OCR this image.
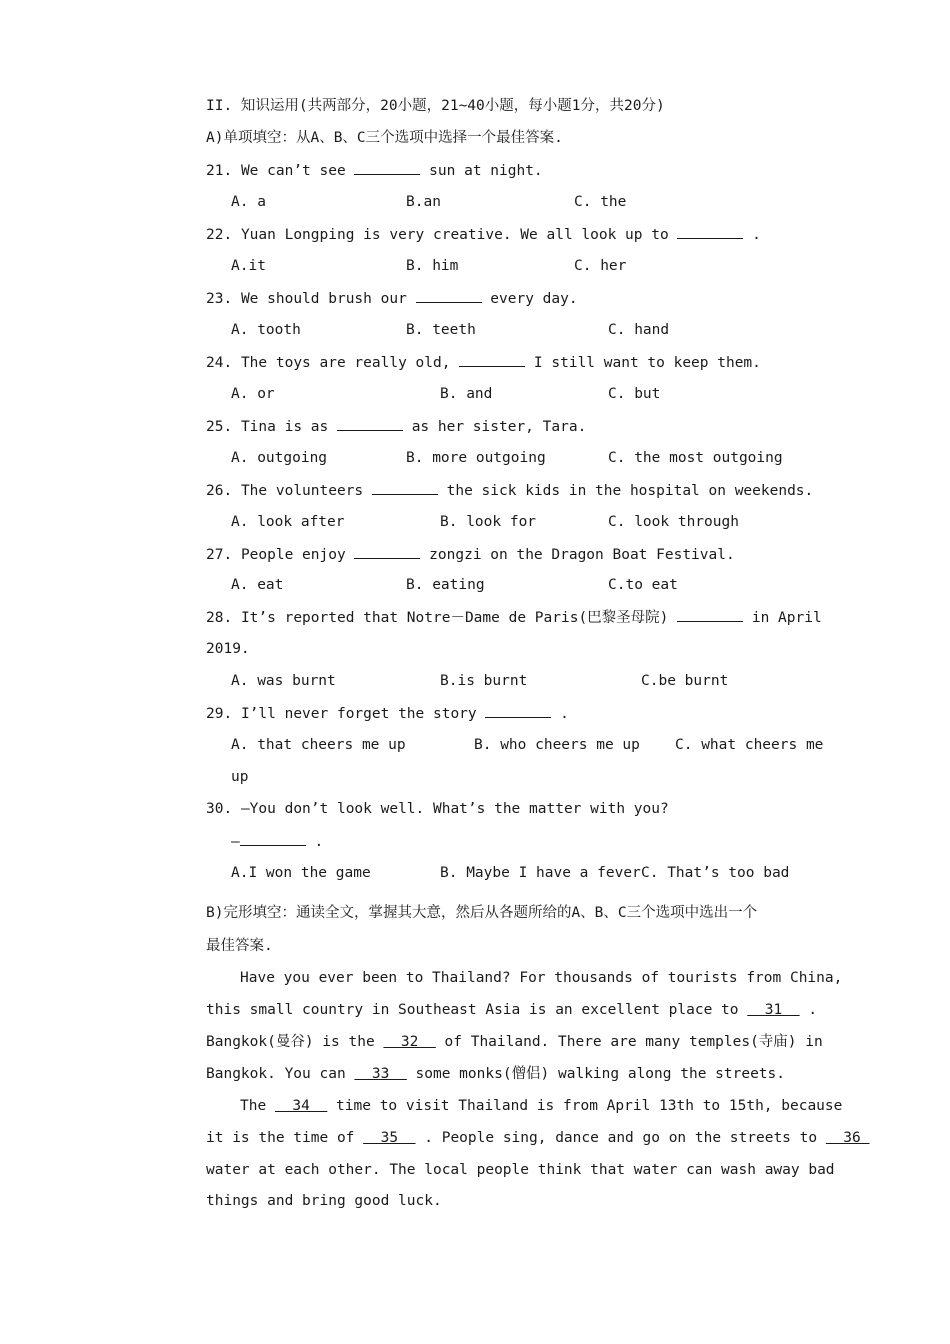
II. 知识运用(共两部分，20小题，21~40小题，每小题1分，共20分)
A)单项填空：从A、B、C三个选项中选择一个最佳答案.
21. We can’t see	sun at night.
A. a	B.an	C. the
22. Yuan Longping is very creative. We all look up to	.
A.it	B. him	C. her
23. We should brush our	every day.
A. tooth	B. teeth	C. hand
24. The toys are really old,	I still want to keep them.
A. or	B. and	C. but
25. Tina is as	as her sister, Tara.
A. outgoing	B. more outgoing	C. the most outgoing
26. The volunteers	the sick kids in the hospital on weekends.
A. look after	B. look for	C. look through
27. People enjoy	zongzi on the Dragon Boat Festival.
A. eat	B. eating	C.to eat
28. It’s reported that Notre－Dame de Paris(巴黎圣母院)	in April
2019.
A. was burnt	B.is burnt	C.be burnt
29. I’ll never forget the story	.
A. that cheers me up	B. who cheers me up C. what cheers me
up
30. —You don’t look well. What’s the matter with you?
—	.
A.I won the game	B. Maybe I have a fever C. That’s too bad
B)完形填空：通读全文，掌握其大意，然后从各题所给的A、B、C三个选项中选出一个
最佳答案.
Have you ever been to Thailand? For thousands of tourists from China,
this small country in Southeast Asia is an excellent place to   31   .
Bangkok(曼谷) is the   32   of Thailand. There are many temples(寺庙) in
Bangkok. You can   33   some monks(僧侣) walking along the streets.
The   34   time to visit Thailand is from April 13th to 15th, because
it is the time of   35   . People sing, dance and go on the streets to   36
water at each other. The local people think that water can wash away bad
things and bring good luck.
